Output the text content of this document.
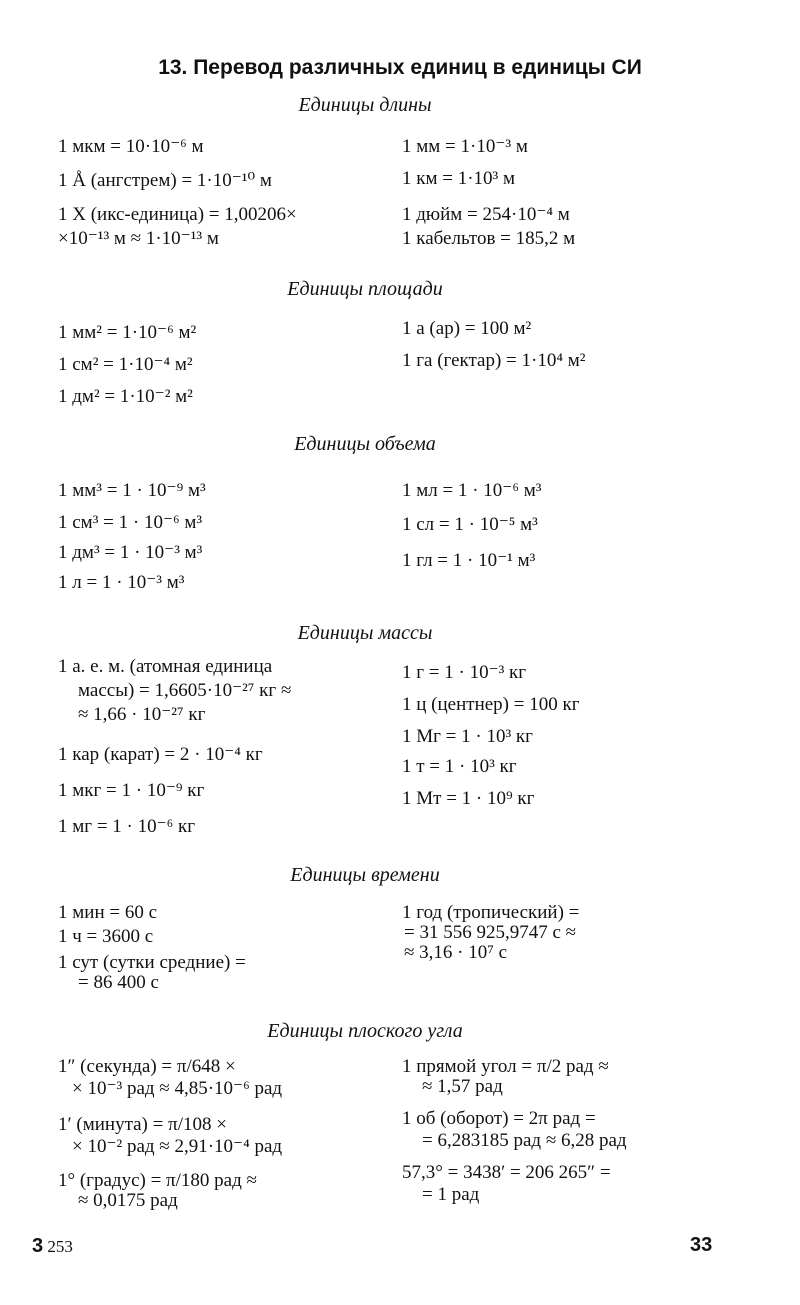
13. Перевод различных единиц в единицы СИ
Единицы длины
1 мкм = 10·10⁻⁶ м
1 Å (ангстрем) = 1·10⁻¹⁰ м
1 X (икс-единица) = 1,00206×
×10⁻¹³ м ≈ 1·10⁻¹³ м
1 мм = 1·10⁻³ м
1 км = 1·10³ м
1 дюйм = 254·10⁻⁴ м
1 кабельтов = 185,2 м
Единицы площади
1 мм² = 1·10⁻⁶ м²
1 см² = 1·10⁻⁴ м²
1 дм² = 1·10⁻² м²
1 а (ар) = 100 м²
1 га (гектар) = 1·10⁴ м²
Единицы объема
1 мм³ = 1 · 10⁻⁹ м³
1 см³ = 1 · 10⁻⁶ м³
1 дм³ = 1 · 10⁻³ м³
1 л = 1 · 10⁻³ м³
1 мл = 1 · 10⁻⁶ м³
1 сл = 1 · 10⁻⁵ м³
1 гл = 1 · 10⁻¹ м³
Единицы массы
1 а. е. м. (атомная единица
массы) = 1,6605·10⁻²⁷ кг ≈
≈ 1,66 · 10⁻²⁷ кг
1 кар (карат) = 2 · 10⁻⁴ кг
1 мкг = 1 · 10⁻⁹ кг
1 мг = 1 · 10⁻⁶ кг
1 г = 1 · 10⁻³ кг
1 ц (центнер) = 100 кг
1 Мг = 1 · 10³ кг
1 т = 1 · 10³ кг
1 Мт = 1 · 10⁹ кг
Единицы времени
1 мин = 60 с
1 ч = 3600 с
1 сут (сутки средние) =
= 86 400 с
1 год (тропический) =
= 31 556 925,9747 с ≈
≈ 3,16 · 10⁷ с
Единицы плоского угла
1″ (секунда) = π/648 ×
× 10⁻³ рад ≈ 4,85·10⁻⁶ рад
1′ (минута) = π/108 ×
× 10⁻² рад ≈ 2,91·10⁻⁴ рад
1° (градус) = π/180 рад ≈
≈ 0,0175 рад
1 прямой угол = π/2 рад ≈
≈ 1,57 рад
1 об (оборот) = 2π рад =
= 6,283185 рад ≈ 6,28 рад
57,3° = 3438′ = 206 265″ =
= 1 рад
3 253	33
